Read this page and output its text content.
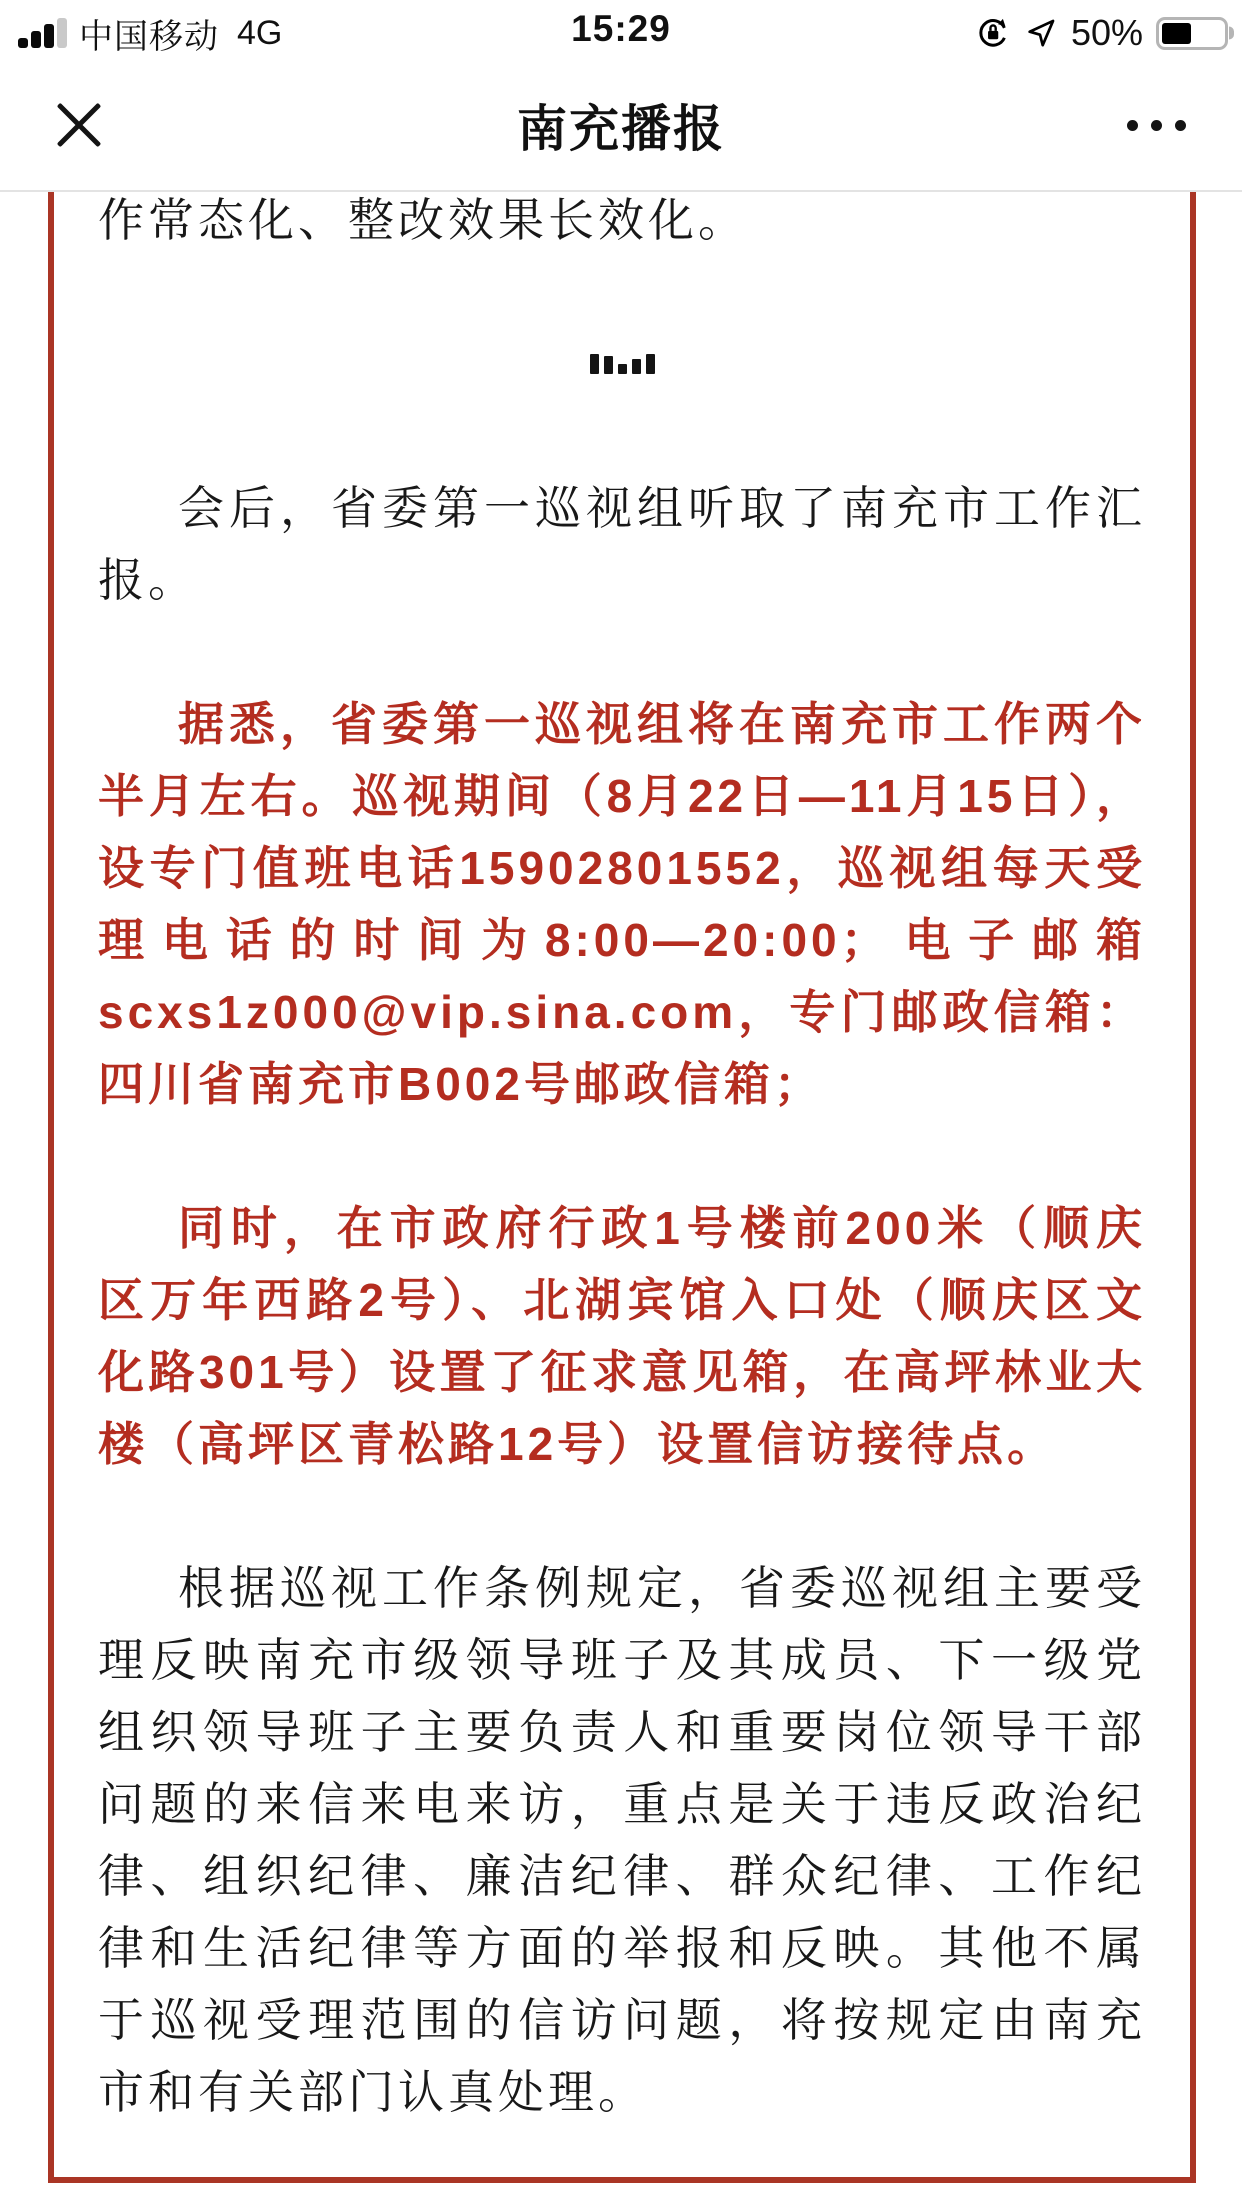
中国移动 4G	15:29	50%
南充播报

作常态化、整改效果长效化。

会后，省委第一巡视组听取了南充市工作汇报。

据悉，省委第一巡视组将在南充市工作两个半月左右。巡视期间（8月22日—11月15日），设专门值班电话15902801552，巡视组每天受理电话的时间为8:00—20:00；电子邮箱scxs1z000@vip.sina.com，专门邮政信箱：四川省南充市B002号邮政信箱；

同时，在市政府行政1号楼前200米（顺庆区万年西路2号）、北湖宾馆入口处（顺庆区文化路301号）设置了征求意见箱，在高坪林业大楼（高坪区青松路12号）设置信访接待点。

根据巡视工作条例规定，省委巡视组主要受理反映南充市级领导班子及其成员、下一级党组织领导班子主要负责人和重要岗位领导干部问题的来信来电来访，重点是关于违反政治纪律、组织纪律、廉洁纪律、群众纪律、工作纪律和生活纪律等方面的举报和反映。其他不属于巡视受理范围的信访问题，将按规定由南充市和有关部门认真处理。
